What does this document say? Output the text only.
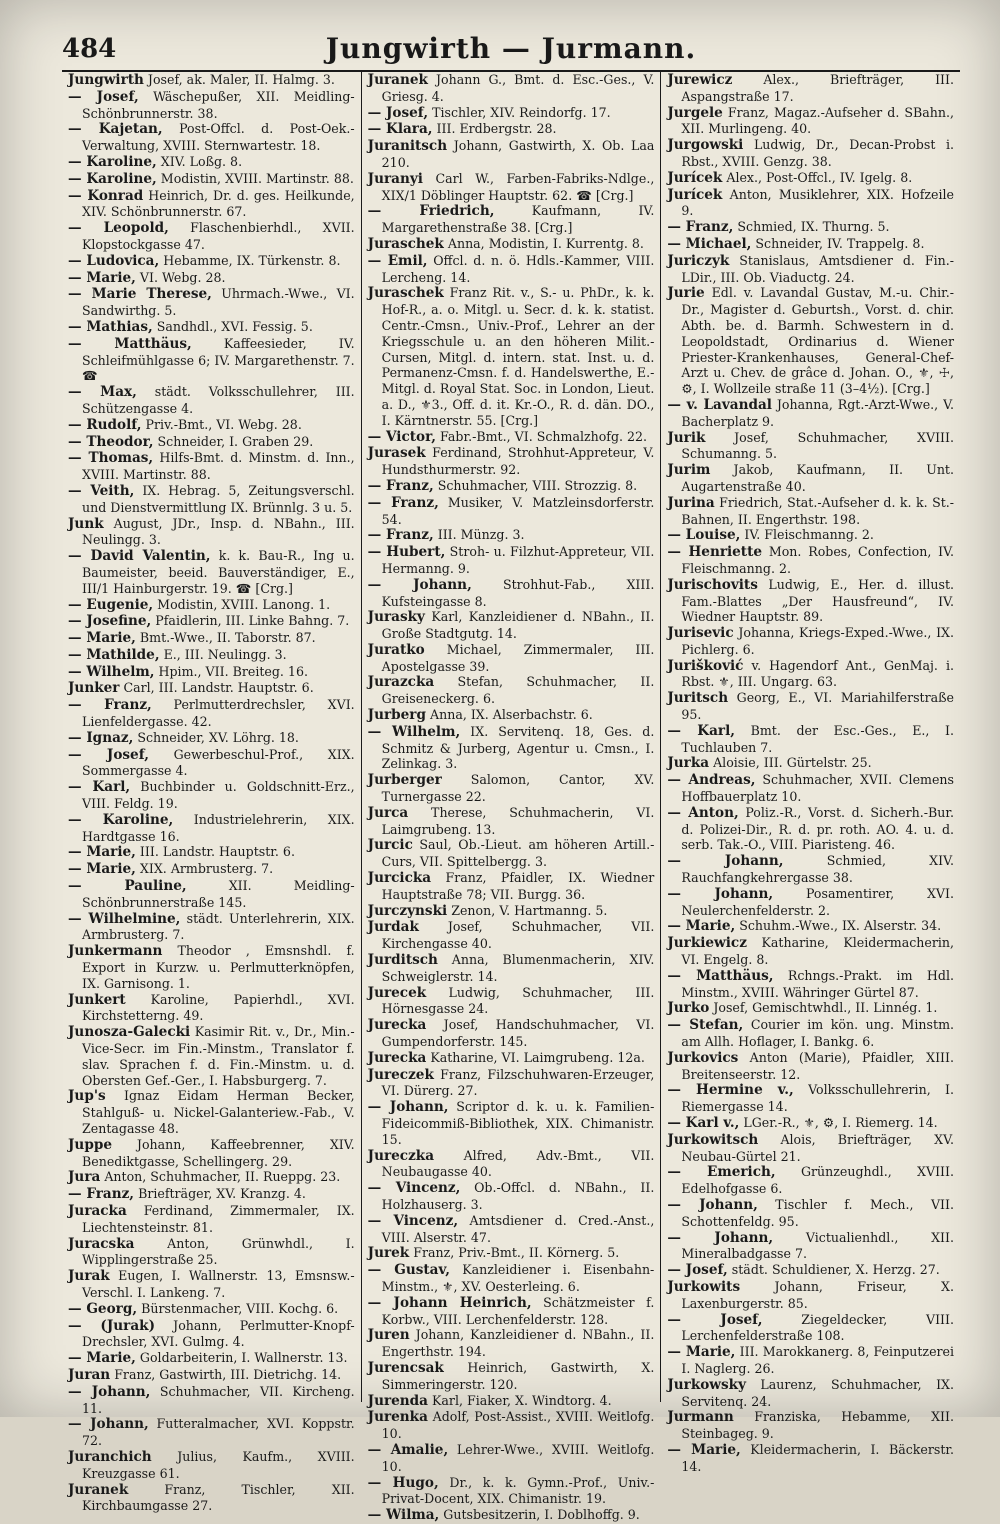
484	Jungwirth — Jurmann.

Jungwirth Josef, ak. Maler, II. Halmg. 3.

— Josef, Wäschepußer, XII. Meidling-Schönbrunnerstr. 38.

— Kajetan, Post-Offcl. d. Post-Oek.-Verwaltung, XVIII. Sternwartestr. 18.

— Karoline, XIV. Loßg. 8.

— Karoline, Modistin, XVIII. Martinstr. 88.

— Konrad Heinrich, Dr. d. ges. Heilkunde, XIV. Schönbrunnerstr. 67.

— Leopold, Flaschenbierhdl., XVII. Klopstockgasse 47.

— Ludovica, Hebamme, IX. Türkenstr. 8.

— Marie, VI. Webg. 28.

— Marie Therese, Uhrmach.-Wwe., VI. Sandwirthg. 5.

— Mathias, Sandhdl., XVI. Fessig. 5.

— Matthäus,	Kaffeesieder, IV. Schleifmühlgasse 6; IV. Margarethenstr. 7. ☎

— Max, städt. Volksschullehrer, III. Schützengasse 4.

— Rudolf, Priv.-Bmt., VI. Webg. 28.

— Theodor, Schneider, I. Graben 29.

— Thomas, Hilfs-Bmt. d. Minstm. d. Inn., XVIII. Martinstr. 88.

— Veith, IX. Hebrag. 5, Zeitungsverschl. und Dienstvermittlung IX. Brünnlg. 3 u. 5.

Junk August, JDr., Insp. d. NBahn., III. Neulingg. 3.

— David Valentin, k. k. Bau-R., Ing u. Baumeister, beeid. Bauverständiger, E., III/1 Hainburgerstr. 19. ☎ [Crg.]

— Eugenie, Modistin, XVIII. Lanong. 1.

— Josefine, Pfaidlerin, III. Linke Bahng. 7.

— Marie, Bmt.-Wwe., II. Taborstr. 87.

— Mathilde, E., III. Neulingg. 3.

— Wilhelm, Hpim., VII. Breiteg. 16.

Junker Carl, III. Landstr. Hauptstr. 6.

— Franz, Perlmutterdrechsler, XVI. Lienfeldergasse. 42.

— Ignaz, Schneider, XV. Löhrg. 18.

— Josef, Gewerbeschul-Prof., XIX. Sommergasse 4.

— Karl, Buchbinder u. Goldschnitt-Erz., VIII. Feldg. 19.

— Karoline, Industrielehrerin, XIX. Hardtgasse 16.

— Marie, III. Landstr. Hauptstr. 6.

— Marie, XIX. Armbrusterg. 7.

— Pauline,	XII. Meidling-Schönbrunnerstraße 145.

— Wilhelmine, städt. Unterlehrerin, XIX. Armbrusterg. 7.

Junkermann Theodor , Emsnshdl. f. Export in Kurzw. u. Perlmutterknöpfen, IX. Garnisong. 1.

Junkert Karoline, Papierhdl., XVI. Kirchstetterng. 49.

Junosza-Galecki Kasimir Rit. v., Dr., Min.-Vice-Secr. im Fin.-Minstm., Translator f. slav. Sprachen f. d. Fin.-Minstm. u. d. Obersten Gef.-Ger., I. Habsburgerg. 7.

Jup's Ignaz Eidam Herman Becker, Stahlguß- u. Nickel-Galanteriew.-Fab., V. Zentagasse 48.

Juppe Johann, Kaffeebrenner, XIV. Benediktgasse, Schellingerg. 29.

Jura Anton, Schuhmacher, II. Rueppg. 23.

— Franz, Briefträger, XV. Kranzg. 4.

Juracka Ferdinand, Zimmermaler, IX. Liechtensteinstr. 81.

Juracska	Anton, Grünwhdl., I. Wipplingerstraße 25.

Jurak Eugen, I. Wallnerstr. 13, Emsnsw.-Verschl. I. Lankeng. 7.

— Georg, Bürstenmacher, VIII. Kochg. 6.

— (Jurak) Johann, Perlmutter-Knopf-Drechsler, XVI. Gulmg. 4.

— Marie, Goldarbeiterin, I. Wallnerstr. 13.

Juran Franz, Gastwirth, III. Dietrichg. 14.

— Johann, Schuhmacher, VII. Kircheng. 11.

— Johann, Futteralmacher, XVI. Koppstr. 72.

Juranchich Julius, Kaufm., XVIII. Kreuzgasse 61.

Juranek	Franz, Tischler, XII. Kirchbaumgasse 27.

Juranek Johann G., Bmt. d. Esc.-Ges., V. Griesg. 4.

— Josef, Tischler, XIV. Reindorfg. 17.

— Klara, III. Erdbergstr. 28.

Juranitsch Johann, Gastwirth, X. Ob. Laa 210.

Juranyi Carl W., Farben-Fabriks-Ndlge., XIX/1 Döblinger Hauptstr. 62. ☎ [Crg.]

— Friedrich,	Kaufmann, IV. Margarethenstraße 38. [Crg.]

Juraschek Anna, Modistin, I. Kurrentg. 8.

— Emil, Offcl. d. n. ö. Hdls.-Kammer, VIII. Lercheng. 14.

Juraschek Franz Rit. v., S.- u. PhDr., k. k. Hof-R., a. o. Mitgl. u. Secr. d. k. k. statist. Centr.-Cmsn., Univ.-Prof., Lehrer an der Kriegsschule u. an den höheren Milit.-Cursen, Mitgl. d. intern. stat. Inst. u. d. Permanenz-Cmsn. f. d. Handelswerthe, E.-Mitgl. d. Royal Stat. Soc. in London, Lieut. a. D., ⚜3., Off. d. it. Kr.-O., R. d. dän. DO., I. Kärntnerstr. 55. [Crg.]

— Victor, Fabr.-Bmt., VI. Schmalzhofg. 22.

Jurasek Ferdinand, Strohhut-Appreteur, V. Hundsthurmerstr. 92.

— Franz, Schuhmacher, VIII. Strozzig. 8.

— Franz, Musiker, V. Matzleinsdorferstr. 54.

— Franz, III. Münzg. 3.

— Hubert, Stroh- u. Filzhut-Appreteur, VII. Hermanng. 9.

— Johann, Strohhut-Fab., XIII. Kufsteingasse 8.

Jurasky Karl, Kanzleidiener d. NBahn., II. Große Stadtgutg. 14.

Juratko Michael, Zimmermaler, III. Apostelgasse 39.

Jurazcka Stefan, Schuhmacher, II. Greiseneckerg. 6.

Jurberg Anna, IX. Alserbachstr. 6.

— Wilhelm, IX. Servitenq. 18, Ges. d. Schmitz & Jurberg, Agentur u. Cmsn., I. Zelinkag. 3.

Jurberger Salomon, Cantor, XV. Turnergasse 22.

Jurca Therese, Schuhmacherin, VI. Laimgrubeng. 13.

Jurcic Saul, Ob.-Lieut. am höheren Artill.-Curs, VII. Spittelbergg. 3.

Jurcicka Franz, Pfaidler, IX. Wiedner Hauptstraße 78; VII. Burgg. 36.

Jurczynski Zenon, V. Hartmanng. 5.

Jurdak Josef, Schuhmacher, VII. Kirchengasse 40.

Jurditsch Anna, Blumenmacherin, XIV. Schweiglerstr. 14.

Jurecek Ludwig, Schuhmacher, III. Hörnesgasse 24.

Jurecka Josef, Handschuhmacher, VI. Gumpendorferstr. 145.

Jurecka Katharine, VI. Laimgrubeng. 12a.

Jureczek Franz, Filzschuhwaren-Erzeuger, VI. Dürerg. 27.

— Johann, Scriptor d. k. u. k. Familien-Fideicommiß-Bibliothek, XIX. Chimanistr. 15.

Jureczka Alfred, Adv.-Bmt., VII. Neubaugasse 40.

— Vincenz, Ob.-Offcl. d. NBahn., II. Holzhauserg. 3.

— Vincenz, Amtsdiener d. Cred.-Anst., VIII. Alserstr. 47.

Jurek Franz, Priv.-Bmt., II. Körnerg. 5.

— Gustav, Kanzleidiener i. Eisenbahn-Minstm., ⚜, XV. Oesterleing. 6.

— Johann Heinrich, Schätzmeister f. Korbw., VIII. Lerchenfelderstr. 128.

Juren Johann, Kanzleidiener d. NBahn., II. Engerthstr. 194.

Jurencsak Heinrich, Gastwirth, X. Simmeringerstr. 120.

Jurenda Karl, Fiaker, X. Windtorg. 4.

Jurenka Adolf, Post-Assist., XVIII. Weitlofg. 10.

— Amalie, Lehrer-Wwe., XVIII. Weitlofg. 10.

— Hugo, Dr., k. k. Gymn.-Prof., Univ.-Privat-Docent, XIX. Chimanistr. 19.

— Wilma, Gutsbesitzerin, I. Doblhoffg. 9.

Jurewicz Alex., Briefträger, III. Aspangstraße 17.

Jurgele Franz, Magaz.-Aufseher d. SBahn., XII. Murlingeng. 40.

Jurgowski Ludwig, Dr., Decan-Probst i. Rbst., XVIII. Genzg. 38.

Jurícek Alex., Post-Offcl., IV. Igelg. 8.

Jurícek Anton, Musiklehrer, XIX. Hofzeile 9.

— Franz, Schmied, IX. Thurng. 5.

— Michael, Schneider, IV. Trappelg. 8.

Juriczyk Stanislaus, Amtsdiener d. Fin.-LDir., III. Ob. Viaductg. 24.

Jurie Edl. v. Lavandal Gustav, M.-u. Chir.-Dr., Magister d. Geburtsh., Vorst. d. chir. Abth. be. d. Barmh. Schwestern in d. Leopoldstadt, Ordinarius d. Wiener Priester-Krankenhauses, General-Chef-Arzt u. Chev. de grâce d. Johan. O., ⚜, ☩, ⚙, I. Wollzeile straße 11 (3–4½). [Crg.]

— v. Lavandal Johanna, Rgt.-Arzt-Wwe., V. Bacherplatz 9.

Jurik Josef, Schuhmacher, XVIII. Schumanng. 5.

Jurim Jakob, Kaufmann, II. Unt. Augartenstraße 40.

Jurina Friedrich, Stat.-Aufseher d. k. k. St.-Bahnen, II. Engerthstr. 198.

— Louise, IV. Fleischmanng. 2.

— Henriette Mon. Robes, Confection, IV. Fleischmanng. 2.

Jurischovits Ludwig, E., Her. d. illust. Fam.-Blattes „Der Hausfreund“, IV. Wiedner Hauptstr. 89.

Jurisevic Johanna, Kriegs-Exped.-Wwe., IX. Pichlerg. 6.

Jurišković v. Hagendorf Ant., GenMaj. i. Rbst. ⚜, III. Ungarg. 63.

Juritsch Georg, E., VI. Mariahilferstraße 95.

— Karl, Bmt. der Esc.-Ges., E., I. Tuchlauben 7.

Jurka Aloisie, III. Gürtelstr. 25.

— Andreas, Schuhmacher, XVII. Clemens Hoffbauerplatz 10.

— Anton, Poliz.-R., Vorst. d. Sicherh.-Bur. d. Polizei-Dir., R. d. pr. roth. AO. 4. u. d. serb. Tak.-O., VIII. Piaristeng. 46.

— Johann,	Schmied, XIV. Rauchfangkehrergasse 38.

— Johann,	Posamentirer, XVI. Neulerchenfelderstr. 2.

— Marie, Schuhm.-Wwe., IX. Alserstr. 34.

Jurkiewicz Katharine, Kleidermacherin, VI. Engelg. 8.

— Matthäus, Rchngs.-Prakt. im Hdl. Minstm., XVIII. Währinger Gürtel 87.

Jurko Josef, Gemischtwhdl., II. Linnég. 1.

— Stefan, Courier im kön. ung. Minstm. am Allh. Hoflager, I. Bankg. 6.

Jurkovics Anton (Marie), Pfaidler, XIII. Breitenseerstr. 12.

— Hermine v., Volksschullehrerin, I. Riemergasse 14.

— Karl v., LGer.-R., ⚜, ⚙, I. Riemerg. 14.

Jurkowitsch Alois, Briefträger, XV. Neubau-Gürtel 21.

— Emerich, Grünzeughdl., XVIII. Edelhofgasse 6.

— Johann, Tischler f. Mech., VII. Schottenfeldg. 95.

— Johann,	Victualienhdl., XII. Mineralbadgasse 7.

— Josef, städt. Schuldiener, X. Herzg. 27.

Jurkowits	Johann, Friseur, X. Laxenburgerstr. 85.

— Josef,	Ziegeldecker, VIII. Lerchenfelderstraße 108.

— Marie, III. Marokkanerg. 8, Feinputzerei I. Naglerg. 26.

Jurkowsky Laurenz, Schuhmacher, IX. Servitenq. 24.

Jurmann Franziska, Hebamme, XII. Steinbageg. 9.

— Marie, Kleidermacherin, I. Bäckerstr. 14.
